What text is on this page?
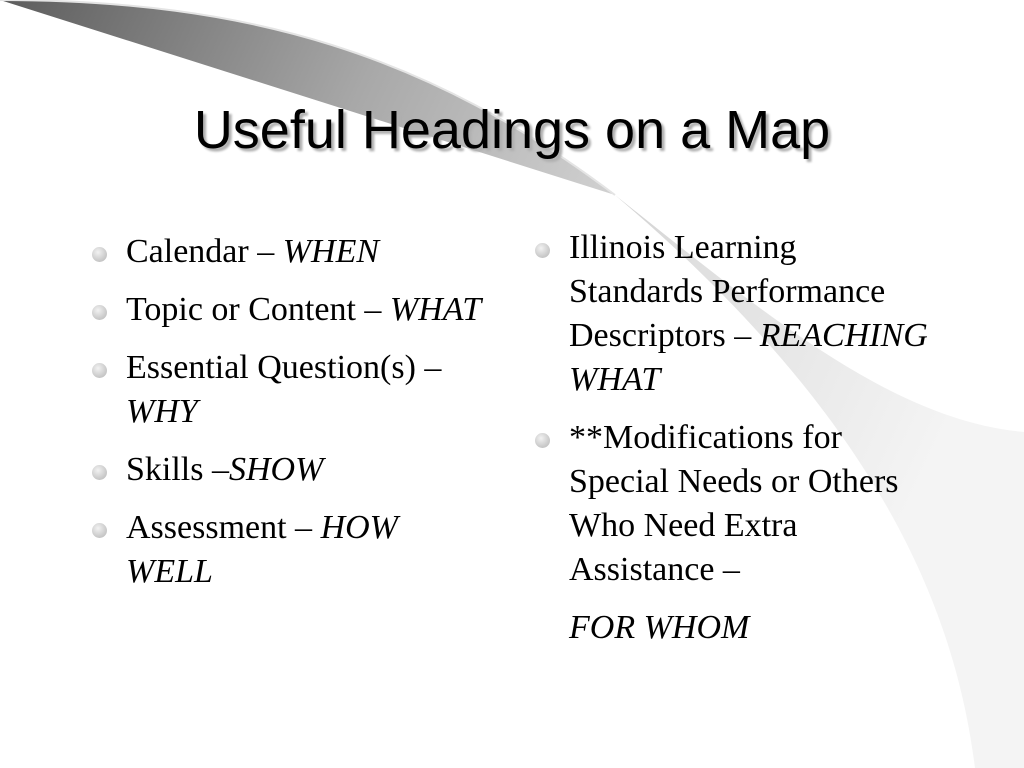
Useful Headings on a Map
Calendar – WHEN
Topic or Content – WHAT
Essential Question(s) – WHY
Skills –SHOW
Assessment – HOW WELL
Illinois Learning Standards Performance Descriptors – REACHING WHAT
**Modifications for Special Needs or Others Who Need Extra Assistance –
FOR WHOM
